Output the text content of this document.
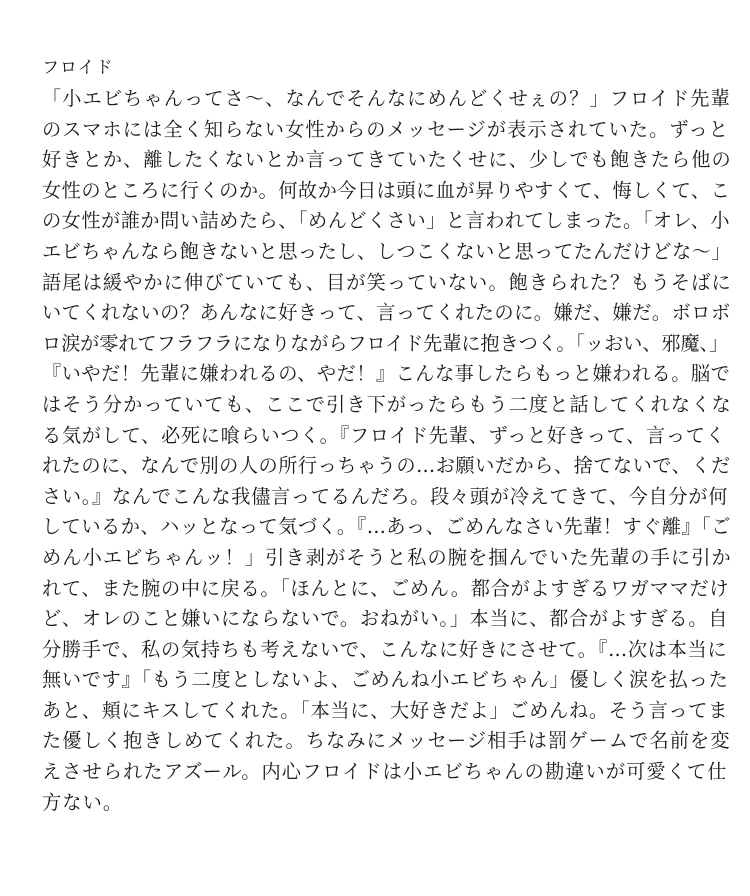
フロイド
「小エビちゃんってさ〜、なんでそんなにめんどくせぇの？」フロイド先輩
のスマホには全く知らない女性からのメッセージが表示されていた。ずっと
好きとか、離したくないとか言ってきていたくせに、少しでも飽きたら他の
女性のところに行くのか。何故か今日は頭に血が昇りやすくて、悔しくて、こ
の女性が誰か問い詰めたら、「めんどくさい」と言われてしまった。「オレ、小
エビちゃんなら飽きないと思ったし、しつこくないと思ってたんだけどな〜」
語尾は緩やかに伸びていても、目が笑っていない。飽きられた？もうそばに
いてくれないの？あんなに好きって、言ってくれたのに。嫌だ、嫌だ。ボロボ
ロ涙が零れてフラフラになりながらフロイド先輩に抱きつく。「ッおい、邪魔、」
『いやだ！先輩に嫌われるの、やだ！』こんな事したらもっと嫌われる。脳で
はそう分かっていても、ここで引き下がったらもう二度と話してくれなくな
る気がして、必死に喰らいつく。『フロイド先輩、ずっと好きって、言ってく
れたのに、なんで別の人の所行っちゃうの…お願いだから、捨てないで、くだ
さい。』なんでこんな我儘言ってるんだろ。段々頭が冷えてきて、今自分が何
しているか、ハッとなって気づく。『…あっ、ごめんなさい先輩！すぐ離』「ご
めん小エビちゃんッ！」引き剥がそうと私の腕を掴んでいた先輩の手に引か
れて、また腕の中に戻る。「ほんとに、ごめん。都合がよすぎるワガママだけ
ど、オレのこと嫌いにならないで。おねがい。」本当に、都合がよすぎる。自
分勝手で、私の気持ちも考えないで、こんなに好きにさせて。『…次は本当に
無いです』「もう二度としないよ、ごめんね小エビちゃん」優しく涙を払った
あと、頬にキスしてくれた。「本当に、大好きだよ」ごめんね。そう言ってま
た優しく抱きしめてくれた。ちなみにメッセージ相手は罰ゲームで名前を変
えさせられたアズール。内心フロイドは小エビちゃんの勘違いが可愛くて仕
方ない。
